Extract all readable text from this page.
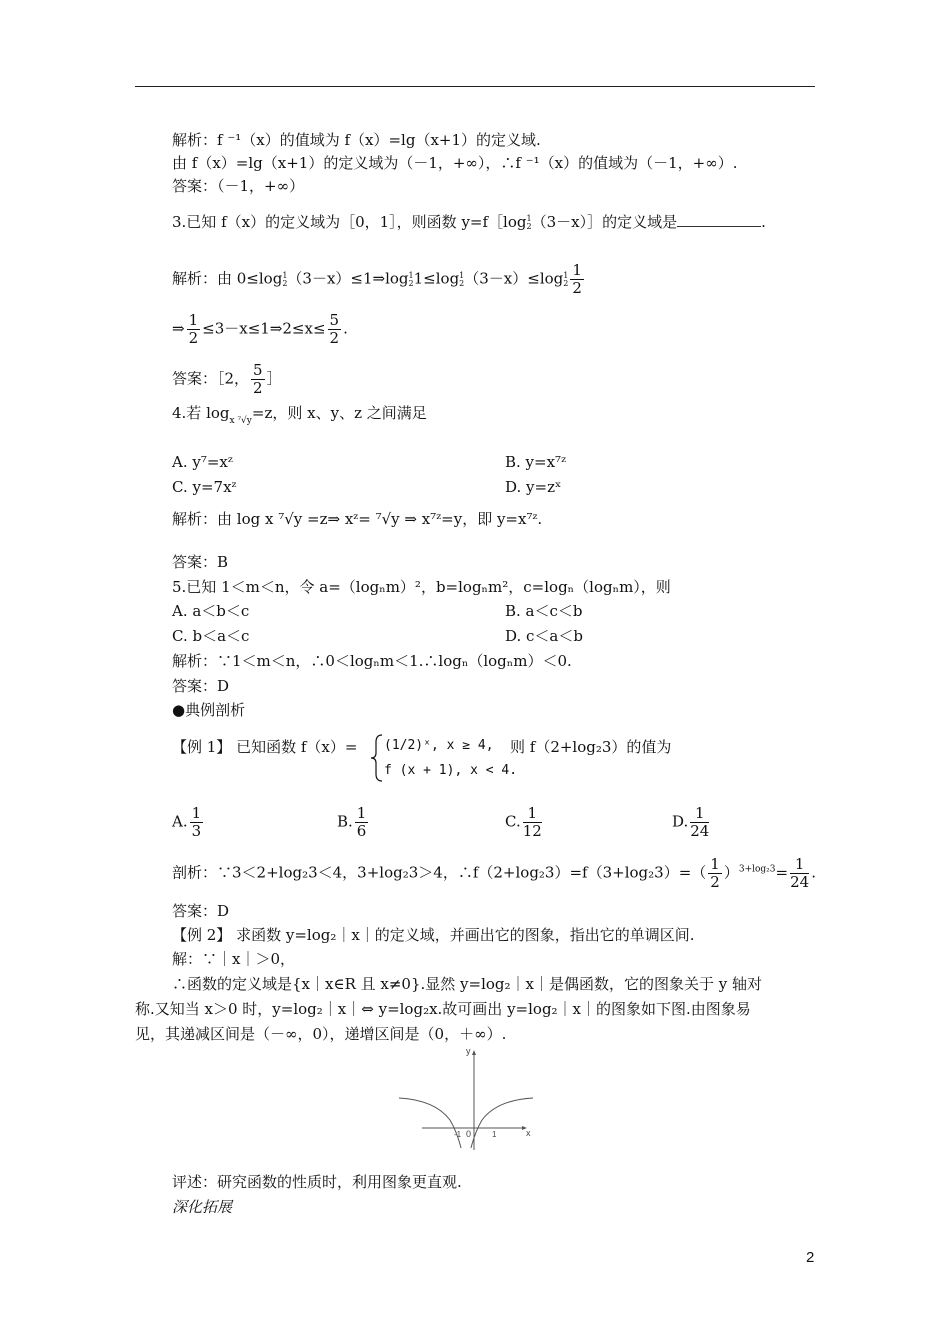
解析：f ⁻¹（x）的值域为 f（x）=lg（x+1）的定义域.
由 f（x）=lg（x+1）的定义域为（－1，+∞），∴f ⁻¹（x）的值域为（－1，+∞）.
答案：（－1，+∞）
3.已知 f（x）的定义域为［0，1］，则函数 y=f［log 1
2 （3－x）］的定义域是	.
解析：由 0≤log 1
2 （3－x）≤1⇒log 1
2 1≤log 1
2 （3－x）≤log 1
$2 \frac{1}{2}$
⇒ $\frac{1}{2}$ ≤3－x≤1⇒2≤x≤ $\frac{5}{2}$ .
答案：［2， $\frac{5}{2}$ ］
4.若 $\log_{x ^7√y}=z$，则 x、y、z 之间满足
A. y⁷=xᶻ	B. y=x⁷ᶻ
C. y=7xᶻ	D. y=zˣ
解析：由 log x ⁷√y =z⇒ xᶻ= ⁷√y ⇒ x⁷ᶻ=y，即 y=x⁷ᶻ.
答案：B
5.已知 1＜m＜n，令 a=（logₙm）²，b=logₙm²，c=logₙ（logₙm），则
A. a＜b＜c	B. a＜c＜b
C. b＜a＜c	D. c＜a＜b
解析：∵1＜m＜n，∴0＜logₙm＜1.∴logₙ（logₙm）＜0.
答案：D
●典例剖析
【例 1】 已知函数 f（x）= (1/2)ˣ, x ≥ 4,
f (x + 1), x < 4.
则 f（2+log₂3）的值为
A. $\frac{1}{3}$	B. $\frac{1}{6}$	C. $\frac{1}{12}$	D. $\frac{1}{24}$
剖析：∵3＜2+log₂3＜4，3+log₂3＞4，∴f（2+log₂3）=f（3+log₂3）=（ $\frac{1}{2} )^{3+log_23}= \frac{1}{24}$ .
答案：D
【例 2】 求函数 y=log₂｜x｜的定义域，并画出它的图象，指出它的单调区间.
解：∵｜x｜＞0，
∴函数的定义域是{x｜x∈R 且 x≠0}.显然 y=log₂｜x｜是偶函数，它的图象关于 y 轴对
称.又知当 x＞0 时，y=log₂｜x｜⇔ y=log₂x.故可画出 y=log₂｜x｜的图象如下图.由图象易
见，其递减区间是（－∞，0），递增区间是（0，＋∞）.
y
x
0
-1	1
评述：研究函数的性质时，利用图象更直观.
深化拓展
2
